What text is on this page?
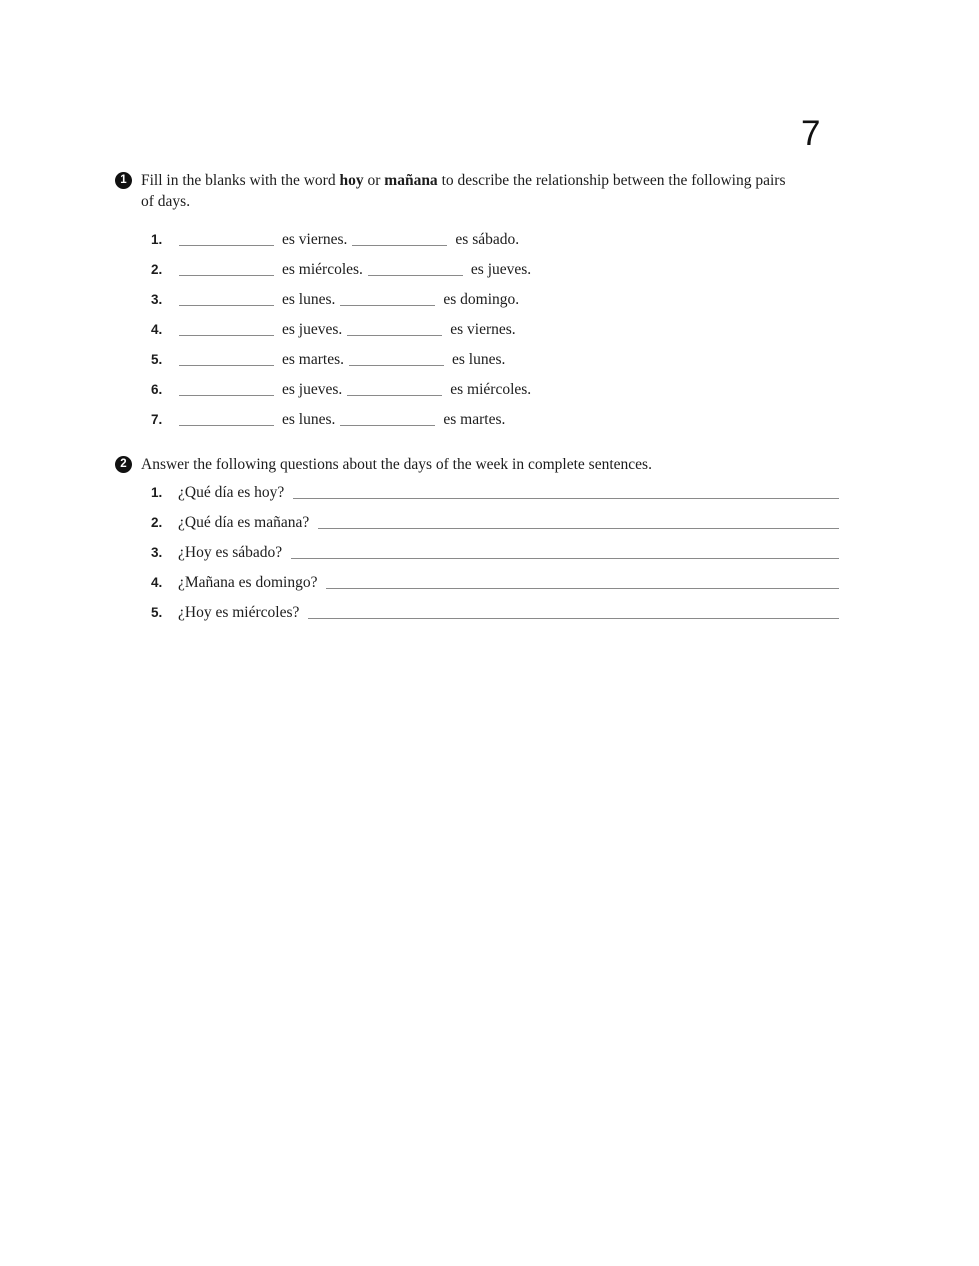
7
1 Fill in the blanks with the word hoy or mañana to describe the relationship between the following pairs of days.
1.	es viernes.	es sábado.
2.	es miércoles.	es jueves.
3.	es lunes.	es domingo.
4.	es jueves.	es viernes.
5.	es martes.	es lunes.
6.	es jueves.	es miércoles.
7.	es lunes.	es martes.
2 Answer the following questions about the days of the week in complete sentences.
1.	¿Qué día es hoy?
2.	¿Qué día es mañana?
3.	¿Hoy es sábado?
4.	¿Mañana es domingo?
5.	¿Hoy es miércoles?
